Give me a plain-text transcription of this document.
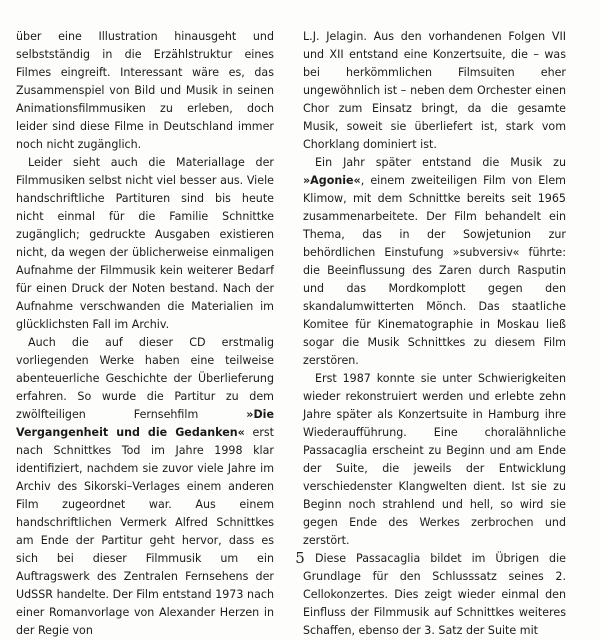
über eine Illustration hinausgeht und selbstständig in die Erzählstruktur eines Filmes eingreift. Interessant wäre es, das Zusammenspiel von Bild und Musik in seinen Animationsfilmmusiken zu erleben, doch leider sind diese Filme in Deutschland immer noch nicht zugänglich.

Leider sieht auch die Materiallage der Filmmusiken selbst nicht viel besser aus. Viele handschriftliche Partituren sind bis heute nicht einmal für die Familie Schnittke zugänglich; gedruckte Ausgaben existieren nicht, da wegen der üblicherweise einmaligen Aufnahme der Filmmusik kein weiterer Bedarf für einen Druck der Noten bestand. Nach der Aufnahme verschwanden die Materialien im glücklichsten Fall im Archiv.

Auch die auf dieser CD erstmalig vorliegenden Werke haben eine teilweise abenteuerliche Geschichte der Überlieferung erfahren. So wurde die Partitur zu dem zwölfteiligen Fernsehfilm »Die Vergangenheit und die Gedanken« erst nach Schnittkes Tod im Jahre 1998 klar identifiziert, nachdem sie zuvor viele Jahre im Archiv des Sikorski–Verlages einem anderen Film zugeordnet war. Aus einem handschriftlichen Vermerk Alfred Schnittkes am Ende der Partitur geht hervor, dass es sich bei dieser Filmmusik um ein Auftragswerk des Zentralen Fernsehens der UdSSR handelte. Der Film entstand 1973 nach einer Romanvorlage von Alexander Herzen in der Regie von

L.J. Jelagin. Aus den vorhandenen Folgen VII und XII entstand eine Konzertsuite, die – was bei herkömmlichen Filmsuiten eher ungewöhnlich ist – neben dem Orchester einen Chor zum Einsatz bringt, da die gesamte Musik, soweit sie überliefert ist, stark vom Chorklang dominiert ist.

Ein Jahr später entstand die Musik zu »Agonie«, einem zweiteiligen Film von Elem Klimow, mit dem Schnittke bereits seit 1965 zusammenarbeitete. Der Film behandelt ein Thema, das in der Sowjetunion zur behördlichen Einstufung »subversiv« führte: die Beeinflussung des Zaren durch Rasputin und das Mordkomplott gegen den skandalumwitterten Mönch. Das staatliche Komitee für Kinematographie in Moskau ließ sogar die Musik Schnittkes zu diesem Film zerstören.

Erst 1987 konnte sie unter Schwierigkeiten wieder rekonstruiert werden und erlebte zehn Jahre später als Konzertsuite in Hamburg ihre Wiederaufführung. Eine choralähnliche Passacaglia erscheint zu Beginn und am Ende der Suite, die jeweils der Entwicklung verschiedenster Klangwelten dient. Ist sie zu Beginn noch strahlend und hell, so wird sie gegen Ende des Werkes zerbrochen und zerstört.

Diese Passacaglia bildet im Übrigen die Grundlage für den Schlusssatz seines 2. Cellokonzertes. Dies zeigt wieder einmal den Einfluss der Filmmusik auf Schnittkes weiteres Schaffen, ebenso der 3. Satz der Suite mit

5
